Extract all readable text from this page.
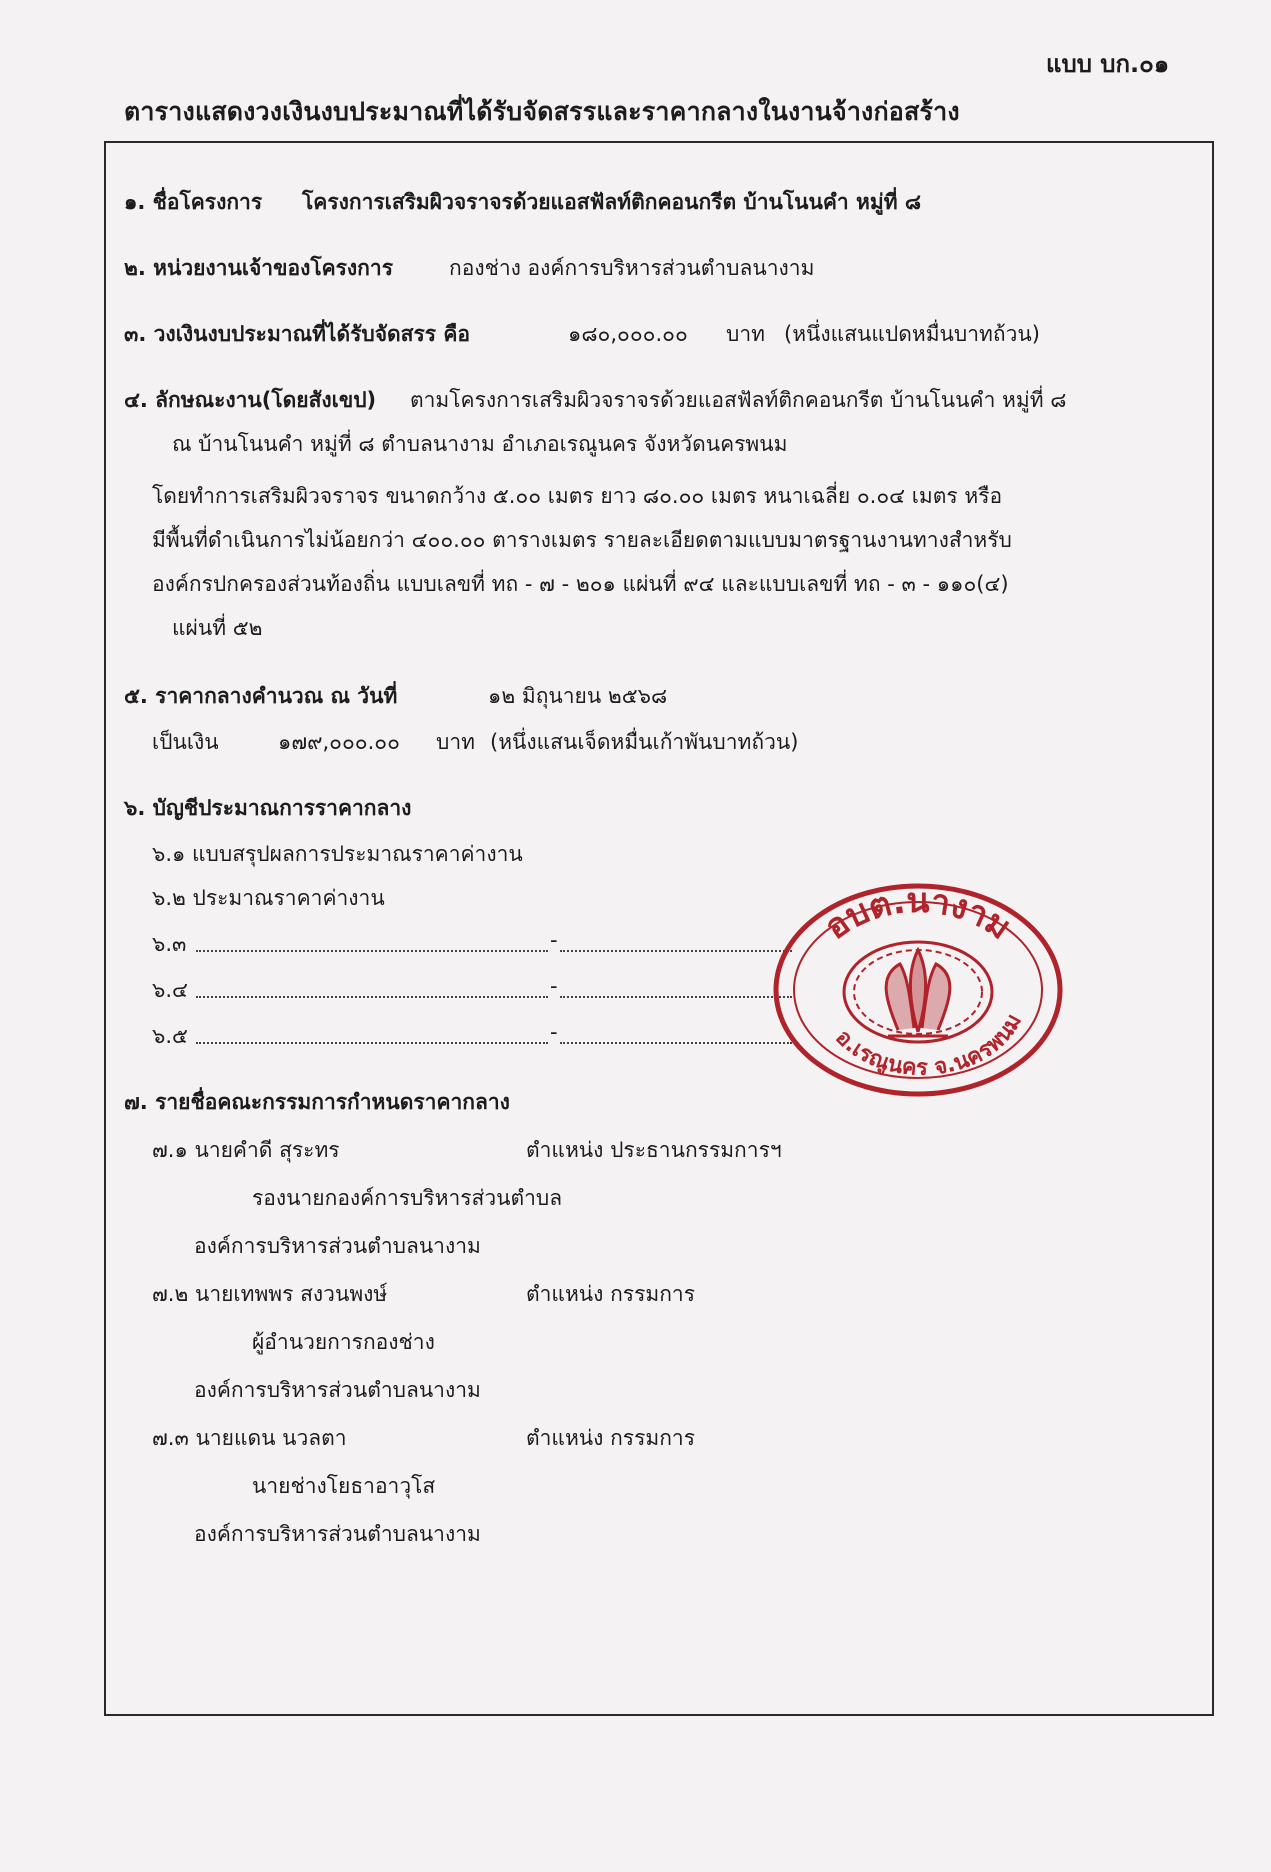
แบบ บก.๐๑
ตารางแสดงวงเงินงบประมาณที่ได้รับจัดสรรและราคากลางในงานจ้างก่อสร้าง
๑. ชื่อโครงการ โครงการเสริมผิวจราจรด้วยแอสฟัลท์ติกคอนกรีต บ้านโนนคำ หมู่ที่ ๘
๒. หน่วยงานเจ้าของโครงการ	กองช่าง องค์การบริหารส่วนตำบลนางาม
๓. วงเงินงบประมาณที่ได้รับจัดสรร คือ	๑๘๐,๐๐๐.๐๐ บาท (หนึ่งแสนแปดหมื่นบาทถ้วน)
๔. ลักษณะงาน(โดยสังเขป) ตามโครงการเสริมผิวจราจรด้วยแอสฟัลท์ติกคอนกรีต บ้านโนนคำ หมู่ที่ ๘
ณ บ้านโนนคำ หมู่ที่ ๘ ตำบลนางาม อำเภอเรณูนคร จังหวัดนครพนม
โดยทำการเสริมผิวจราจร ขนาดกว้าง ๕.๐๐ เมตร ยาว ๘๐.๐๐ เมตร หนาเฉลี่ย ๐.๐๔ เมตร หรือ
มีพื้นที่ดำเนินการไม่น้อยกว่า ๔๐๐.๐๐ ตารางเมตร รายละเอียดตามแบบมาตรฐานงานทางสำหรับ
องค์กรปกครองส่วนท้องถิ่น แบบเลขที่ ทถ - ๗ - ๒๐๑ แผ่นที่ ๙๔ และแบบเลขที่ ทถ - ๓ - ๑๑๐(๔)
แผ่นที่ ๕๒
๕. ราคากลางคำนวณ ณ วันที่	๑๒ มิถุนายน ๒๕๖๘
เป็นเงิน	๑๗๙,๐๐๐.๐๐ บาท (หนึ่งแสนเจ็ดหมื่นเก้าพันบาทถ้วน)
๖. บัญชีประมาณการราคากลาง
๖.๑ แบบสรุปผลการประมาณราคาค่างาน
๖.๒ ประมาณราคาค่างาน
๖.๓	-
๖.๔	-
๖.๕	-
อบต.นางาม
อ.เรณูนคร จ.นครพนม
๗. รายชื่อคณะกรรมการกำหนดราคากลาง
๗.๑ นายคำดี สุระทร	ตำแหน่ง ประธานกรรมการฯ
รองนายกองค์การบริหารส่วนตำบล
องค์การบริหารส่วนตำบลนางาม
๗.๒ นายเทพพร สงวนพงษ์	ตำแหน่ง กรรมการ
ผู้อำนวยการกองช่าง
องค์การบริหารส่วนตำบลนางาม
๗.๓ นายแดน นวลตา	ตำแหน่ง กรรมการ
นายช่างโยธาอาวุโส
องค์การบริหารส่วนตำบลนางาม
